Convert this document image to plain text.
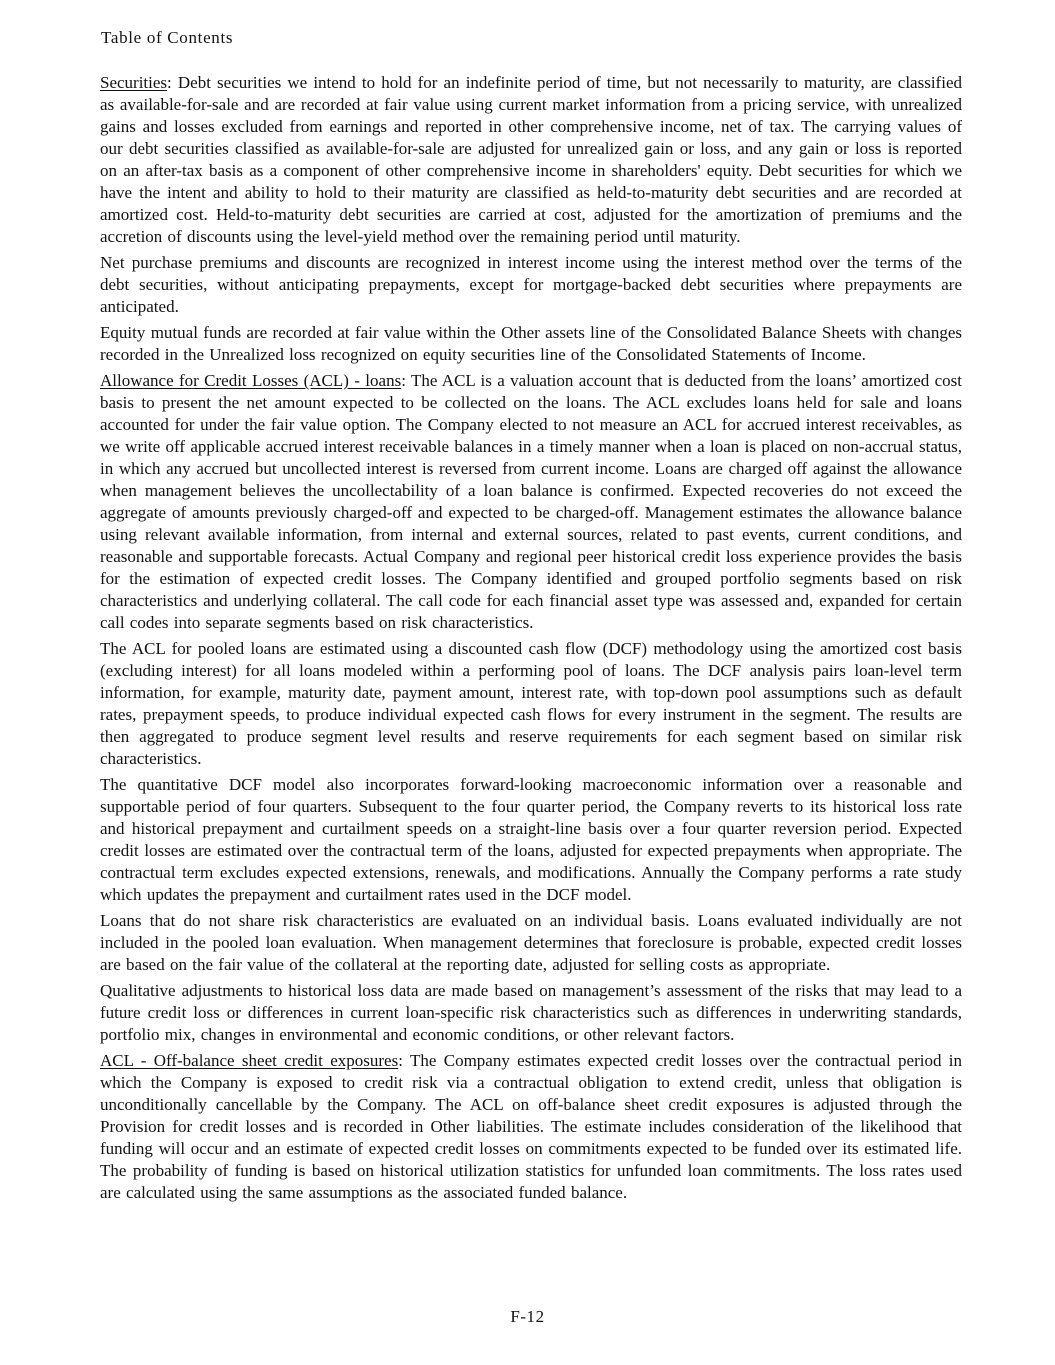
Table of Contents

Securities: Debt securities we intend to hold for an indefinite period of time, but not necessarily to maturity, are classified as available-for-sale and are recorded at fair value using current market information from a pricing service, with unrealized gains and losses excluded from earnings and reported in other comprehensive income, net of tax. The carrying values of our debt securities classified as available-for-sale are adjusted for unrealized gain or loss, and any gain or loss is reported on an after-tax basis as a component of other comprehensive income in shareholders' equity. Debt securities for which we have the intent and ability to hold to their maturity are classified as held-to-maturity debt securities and are recorded at amortized cost. Held-to-maturity debt securities are carried at cost, adjusted for the amortization of premiums and the accretion of discounts using the level-yield method over the remaining period until maturity.

Net purchase premiums and discounts are recognized in interest income using the interest method over the terms of the debt securities, without anticipating prepayments, except for mortgage-backed debt securities where prepayments are anticipated.

Equity mutual funds are recorded at fair value within the Other assets line of the Consolidated Balance Sheets with changes recorded in the Unrealized loss recognized on equity securities line of the Consolidated Statements of Income.

Allowance for Credit Losses (ACL) - loans: The ACL is a valuation account that is deducted from the loans’ amortized cost basis to present the net amount expected to be collected on the loans. The ACL excludes loans held for sale and loans accounted for under the fair value option. The Company elected to not measure an ACL for accrued interest receivables, as we write off applicable accrued interest receivable balances in a timely manner when a loan is placed on non-accrual status, in which any accrued but uncollected interest is reversed from current income. Loans are charged off against the allowance when management believes the uncollectability of a loan balance is confirmed. Expected recoveries do not exceed the aggregate of amounts previously charged-off and expected to be charged-off. Management estimates the allowance balance using relevant available information, from internal and external sources, related to past events, current conditions, and reasonable and supportable forecasts. Actual Company and regional peer historical credit loss experience provides the basis for the estimation of expected credit losses. The Company identified and grouped portfolio segments based on risk characteristics and underlying collateral. The call code for each financial asset type was assessed and, expanded for certain call codes into separate segments based on risk characteristics.

The ACL for pooled loans are estimated using a discounted cash flow (DCF) methodology using the amortized cost basis (excluding interest) for all loans modeled within a performing pool of loans. The DCF analysis pairs loan-level term information, for example, maturity date, payment amount, interest rate, with top-down pool assumptions such as default rates, prepayment speeds, to produce individual expected cash flows for every instrument in the segment. The results are then aggregated to produce segment level results and reserve requirements for each segment based on similar risk characteristics.

The quantitative DCF model also incorporates forward-looking macroeconomic information over a reasonable and supportable period of four quarters. Subsequent to the four quarter period, the Company reverts to its historical loss rate and historical prepayment and curtailment speeds on a straight-line basis over a four quarter reversion period. Expected credit losses are estimated over the contractual term of the loans, adjusted for expected prepayments when appropriate. The contractual term excludes expected extensions, renewals, and modifications. Annually the Company performs a rate study which updates the prepayment and curtailment rates used in the DCF model.

Loans that do not share risk characteristics are evaluated on an individual basis. Loans evaluated individually are not included in the pooled loan evaluation. When management determines that foreclosure is probable, expected credit losses are based on the fair value of the collateral at the reporting date, adjusted for selling costs as appropriate.

Qualitative adjustments to historical loss data are made based on management’s assessment of the risks that may lead to a future credit loss or differences in current loan-specific risk characteristics such as differences in underwriting standards, portfolio mix, changes in environmental and economic conditions, or other relevant factors.

ACL - Off-balance sheet credit exposures: The Company estimates expected credit losses over the contractual period in which the Company is exposed to credit risk via a contractual obligation to extend credit, unless that obligation is unconditionally cancellable by the Company. The ACL on off-balance sheet credit exposures is adjusted through the Provision for credit losses and is recorded in Other liabilities. The estimate includes consideration of the likelihood that funding will occur and an estimate of expected credit losses on commitments expected to be funded over its estimated life. The probability of funding is based on historical utilization statistics for unfunded loan commitments. The loss rates used are calculated using the same assumptions as the associated funded balance.

F-12
